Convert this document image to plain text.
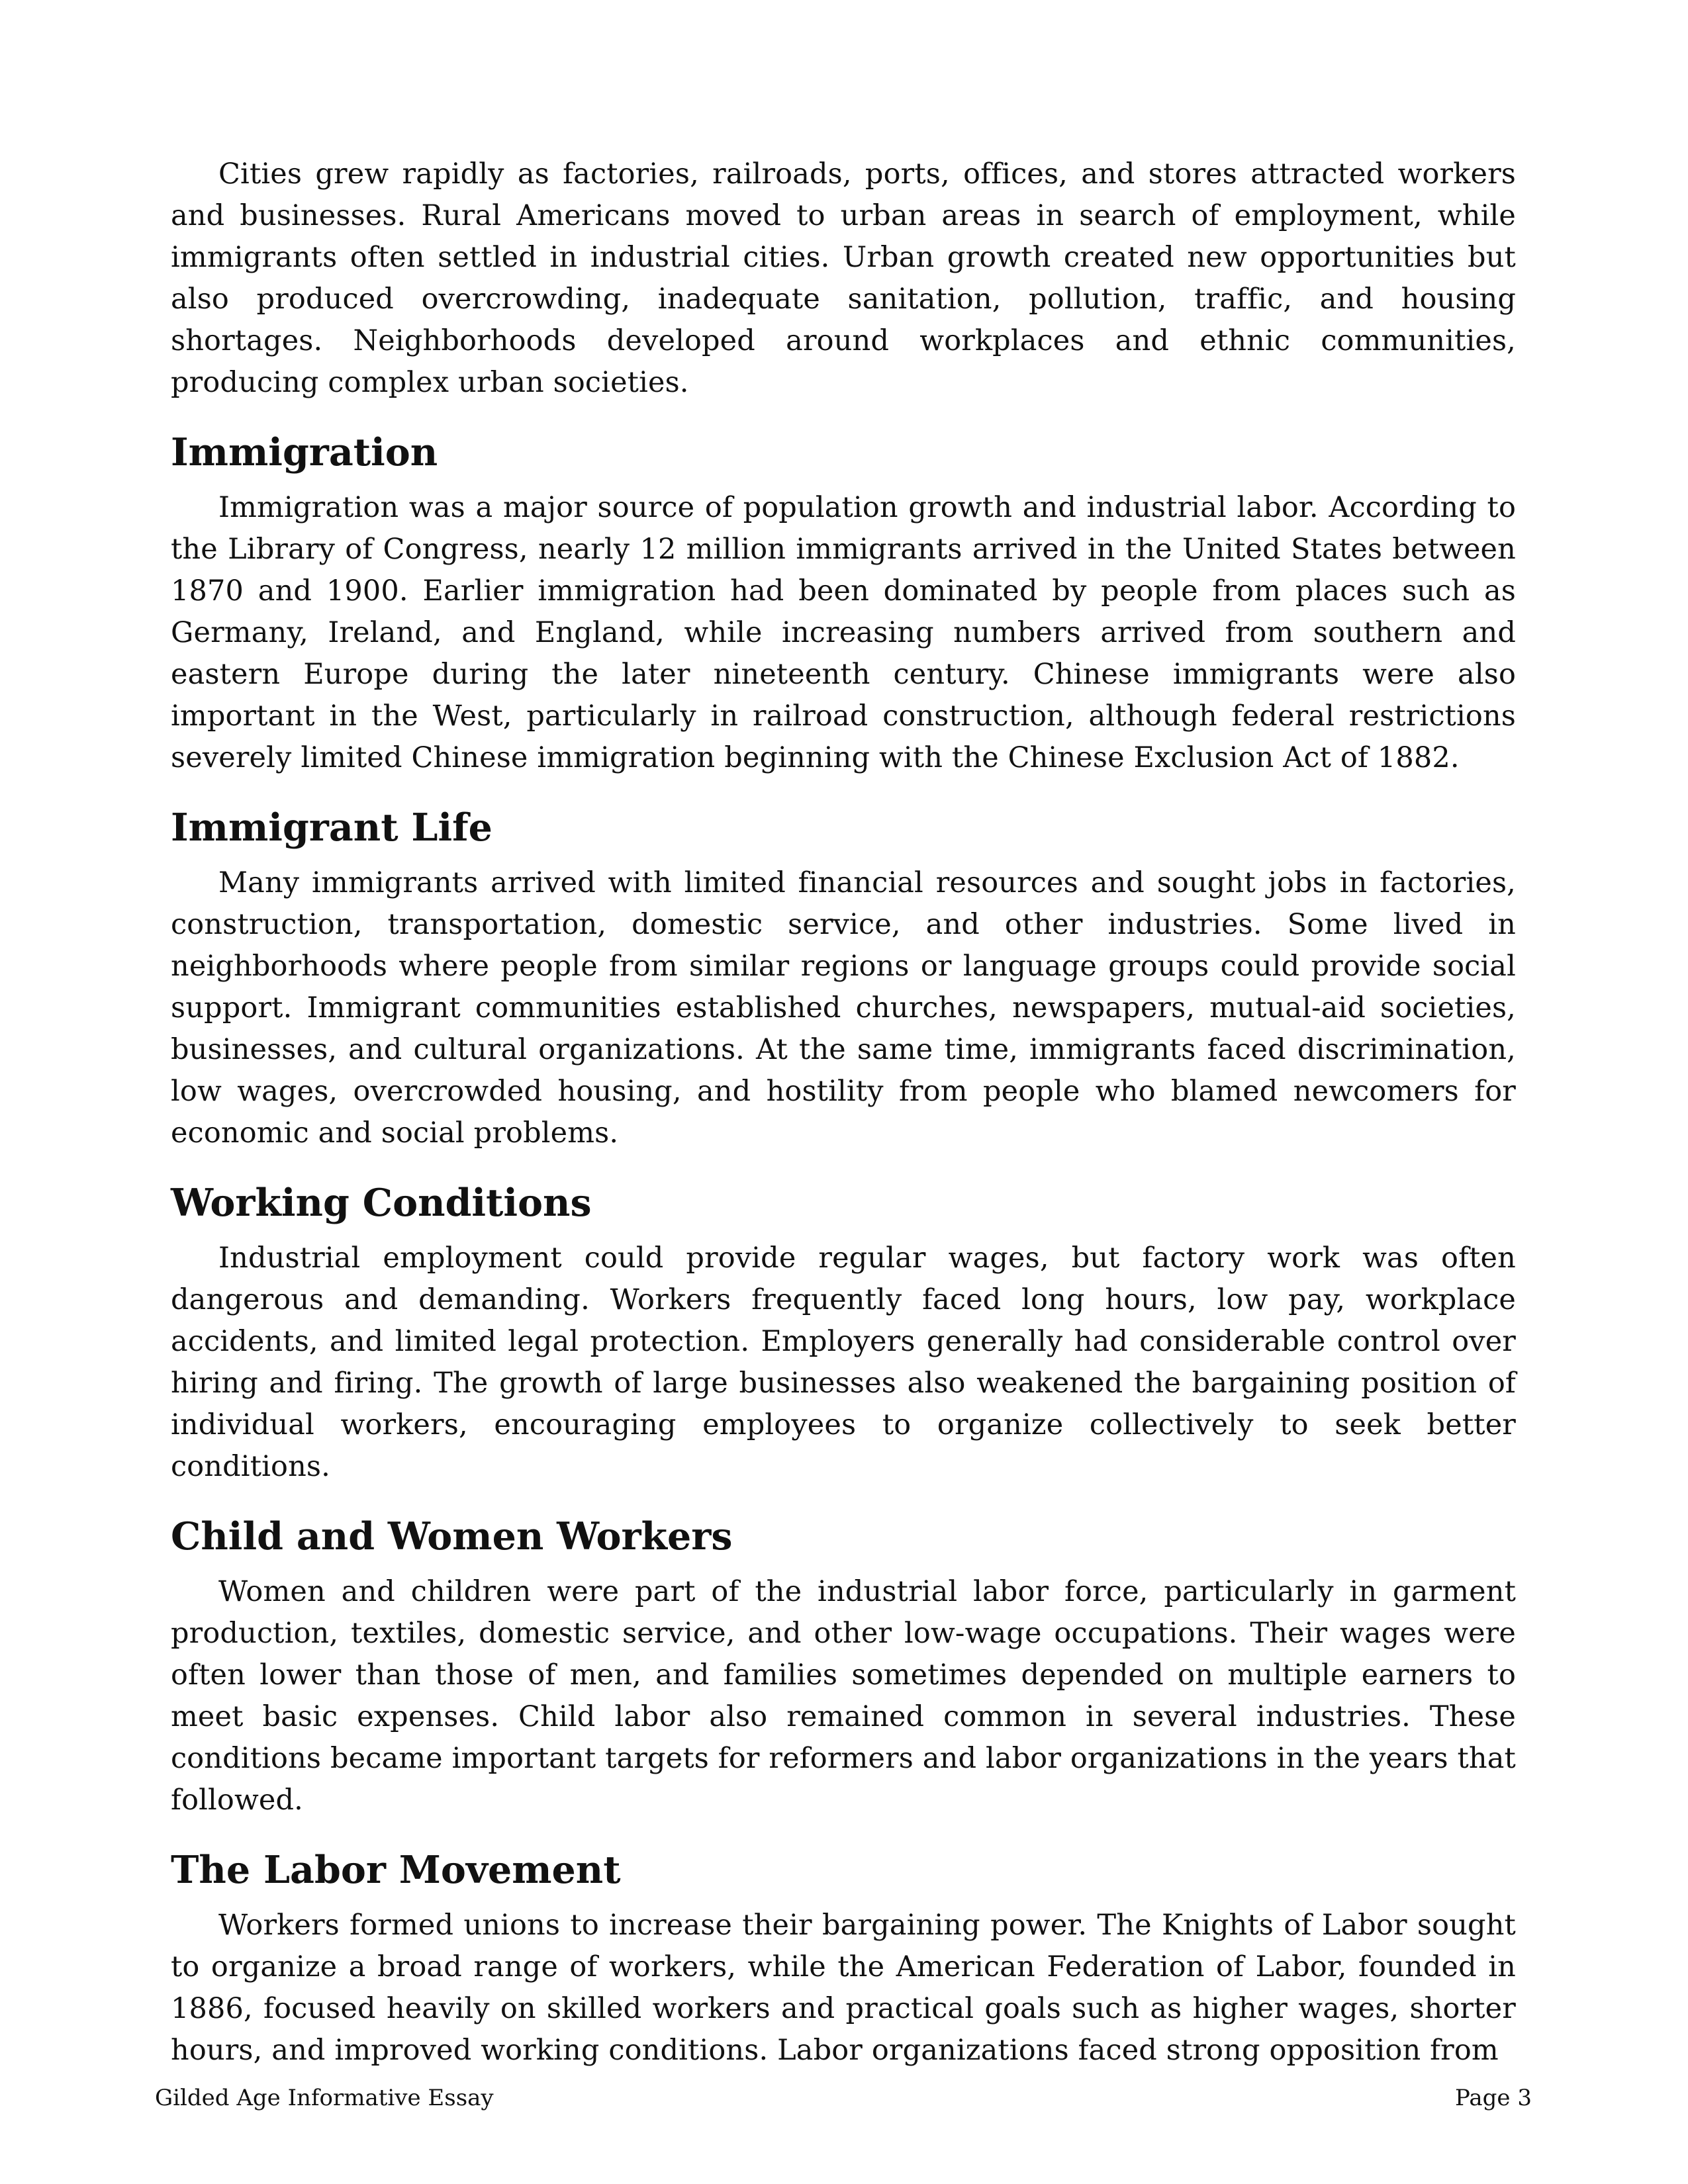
Cities grew rapidly as factories, railroads, ports, offices, and stores attracted workers and businesses. Rural Americans moved to urban areas in search of employment, while immigrants often settled in industrial cities. Urban growth created new opportunities but also produced overcrowding, inadequate sanitation, pollution, traffic, and housing shortages. Neighborhoods developed around workplaces and ethnic communities, producing complex urban societies.

Immigration

Immigration was a major source of population growth and industrial labor. According to the Library of Congress, nearly 12 million immigrants arrived in the United States between 1870 and 1900. Earlier immigration had been dominated by people from places such as Germany, Ireland, and England, while increasing numbers arrived from southern and eastern Europe during the later nineteenth century. Chinese immigrants were also important in the West, particularly in railroad construction, although federal restrictions severely limited Chinese immigration beginning with the Chinese Exclusion Act of 1882.

Immigrant Life

Many immigrants arrived with limited financial resources and sought jobs in factories, construction, transportation, domestic service, and other industries. Some lived in neighborhoods where people from similar regions or language groups could provide social support. Immigrant communities established churches, newspapers, mutual-aid societies, businesses, and cultural organizations. At the same time, immigrants faced discrimination, low wages, overcrowded housing, and hostility from people who blamed newcomers for economic and social problems.

Working Conditions

Industrial employment could provide regular wages, but factory work was often dangerous and demanding. Workers frequently faced long hours, low pay, workplace accidents, and limited legal protection. Employers generally had considerable control over hiring and firing. The growth of large businesses also weakened the bargaining position of individual workers, encouraging employees to organize collectively to seek better conditions.

Child and Women Workers

Women and children were part of the industrial labor force, particularly in garment production, textiles, domestic service, and other low-wage occupations. Their wages were often lower than those of men, and families sometimes depended on multiple earners to meet basic expenses. Child labor also remained common in several industries. These conditions became important targets for reformers and labor organizations in the years that followed.

The Labor Movement

Workers formed unions to increase their bargaining power. The Knights of Labor sought to organize a broad range of workers, while the American Federation of Labor, founded in 1886, focused heavily on skilled workers and practical goals such as higher wages, shorter hours, and improved working conditions. Labor organizations faced strong opposition from

Gilded Age Informative Essay	Page 3
